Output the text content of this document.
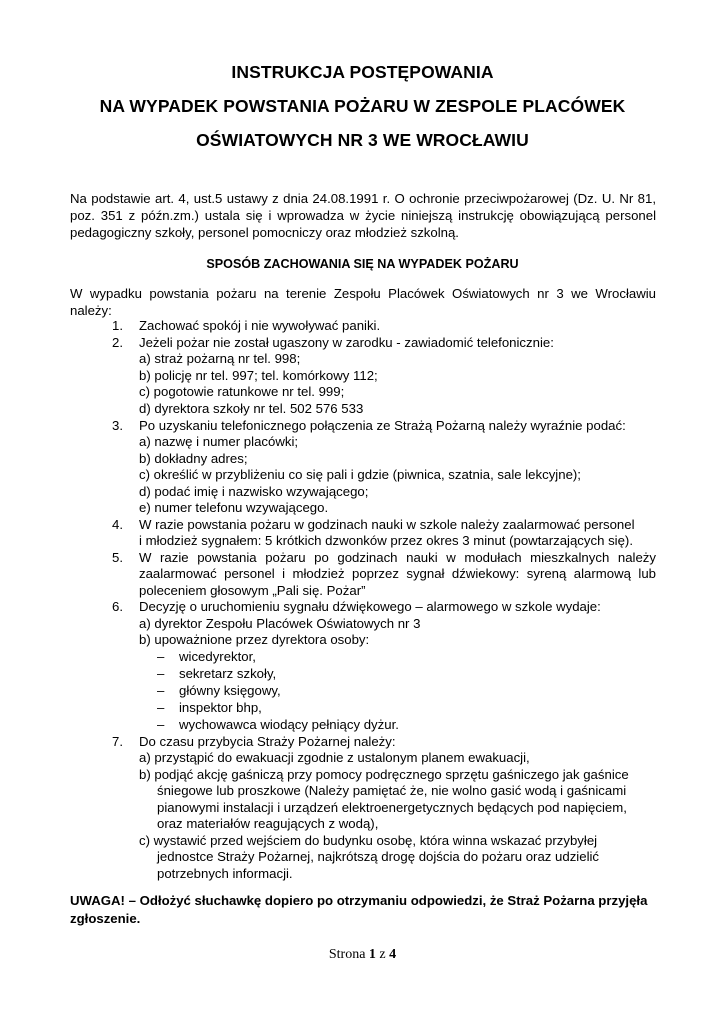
INSTRUKCJA POSTĘPOWANIA
NA WYPADEK POWSTANIA POŻARU W ZESPOLE PLACÓWEK
OŚWIATOWYCH NR 3 WE WROCŁAWIU
Na podstawie art. 4, ust.5 ustawy z dnia 24.08.1991 r. O ochronie przeciwpożarowej (Dz. U. Nr 81, poz. 351 z późn.zm.) ustala się i wprowadza w życie niniejszą instrukcję obowiązującą personel pedagogiczny szkoły, personel pomocniczy oraz młodzież szkolną.
SPOSÓB ZACHOWANIA SIĘ NA WYPADEK POŻARU
W wypadku powstania pożaru na terenie Zespołu Placówek Oświatowych nr 3 we Wrocławiu należy:
1. Zachować spokój i nie wywoływać paniki.
2. Jeżeli pożar nie został ugaszony w zarodku - zawiadomić telefonicznie:
a) straż pożarną nr tel. 998;
b) policję nr tel. 997; tel. komórkowy 112;
c) pogotowie ratunkowe nr tel. 999;
d) dyrektora szkoły nr tel. 502 576 533
3. Po uzyskaniu telefonicznego połączenia ze Strażą Pożarną należy wyraźnie podać:
a) nazwę i numer placówki;
b) dokładny adres;
c) określić w przybliżeniu co się pali i gdzie (piwnica, szatnia, sale lekcyjne);
d) podać imię i nazwisko wzywającego;
e) numer telefonu wzywającego.
4. W razie powstania pożaru w godzinach nauki w szkole należy zaalarmować personel
i młodzież sygnałem: 5 krótkich dzwonków przez okres 3 minut (powtarzających się).
5. W razie powstania pożaru po godzinach nauki w modułach mieszkalnych należy
zaalarmować personel i młodzież poprzez sygnał dźwiekowy: syreną alarmową lub
poleceniem głosowym „Pali się. Pożar”
6. Decyzję o uruchomieniu sygnału dźwiękowego – alarmowego w szkole wydaje:
a) dyrektor Zespołu Placówek Oświatowych nr 3
b) upoważnione przez dyrektora osoby:
– wicedyrektor,
– sekretarz szkoły,
– główny księgowy,
– inspektor bhp,
– wychowawca wiodący pełniący dyżur.
7. Do czasu przybycia Straży Pożarnej należy:
a) przystąpić do ewakuacji zgodnie z ustalonym planem ewakuacji,
b) podjąć akcję gaśniczą przy pomocy podręcznego sprzętu gaśniczego jak gaśnice
śniegowe lub proszkowe (Należy pamiętać że, nie wolno gasić wodą i gaśnicami
pianowymi instalacji i urządzeń elektroenergetycznych będących pod napięciem,
oraz materiałów reagujących z wodą),
c) wystawić przed wejściem do budynku osobę, która winna wskazać przybyłej
jednostce Straży Pożarnej, najkrótszą drogę dojścia do pożaru oraz udzielić
potrzebnych informacji.
UWAGA! – Odłożyć słuchawkę dopiero po otrzymaniu odpowiedzi, że Straż Pożarna przyjęła zgłoszenie.
Strona 1 z 4
